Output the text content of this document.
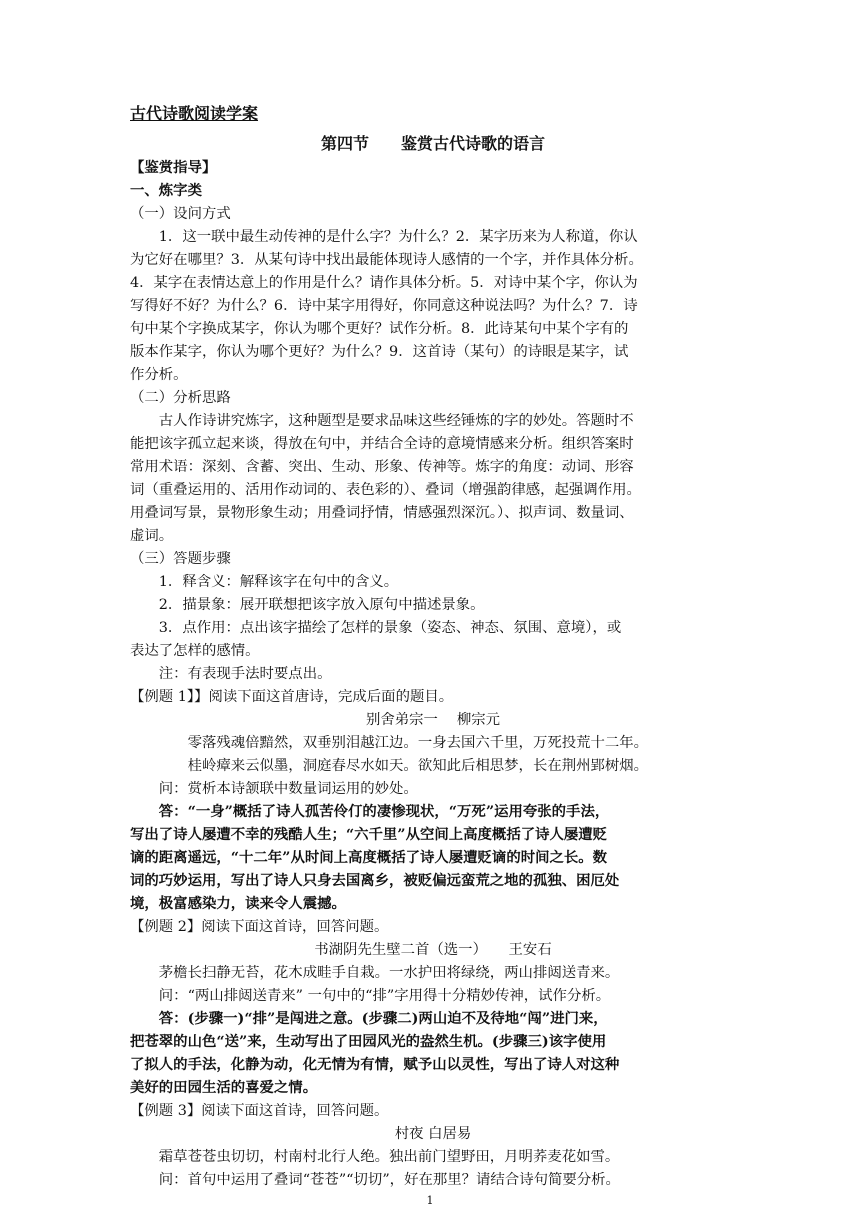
古代诗歌阅读学案
第四节　　鉴赏古代诗歌的语言
【鉴赏指导】
一、炼字类
（一）设问方式
　　1．这一联中最生动传神的是什么字？为什么？2．某字历来为人称道，你认
为它好在哪里？3．从某句诗中找出最能体现诗人感情的一个字，并作具体分析。
4．某字在表情达意上的作用是什么？请作具体分析。5．对诗中某个字，你认为
写得好不好？为什么？6．诗中某字用得好，你同意这种说法吗？为什么？7．诗
句中某个字换成某字，你认为哪个更好？试作分析。8．此诗某句中某个字有的
版本作某字，你认为哪个更好？为什么？9．这首诗（某句）的诗眼是某字，试
作分析。
（二）分析思路
　　古人作诗讲究炼字，这种题型是要求品味这些经锤炼的字的妙处。答题时不
能把该字孤立起来谈，得放在句中，并结合全诗的意境情感来分析。组织答案时
常用术语：深刻、含蓄、突出、生动、形象、传神等。炼字的角度：动词、形容
词（重叠运用的、活用作动词的、表色彩的）、叠词（增强韵律感，起强调作用。
用叠词写景，景物形象生动；用叠词抒情，情感强烈深沉。）、拟声词、数量词、
虚词。
（三）答题步骤
　　1．释含义：解释该字在句中的含义。
　　2．描景象：展开联想把该字放入原句中描述景象。
　　3．点作用：点出该字描绘了怎样的景象（姿态、神态、氛围、意境），或
表达了怎样的感情。
　　注：有表现手法时要点出。
【例题 1】】阅读下面这首唐诗，完成后面的题目。
别舍弟宗一　 柳宗元
　　　　零落残魂倍黯然，双垂别泪越江边。一身去国六千里，万死投荒十二年。
　　　　桂岭瘴来云似墨，洞庭春尽水如天。欲知此后相思梦，长在荆州郢树烟。
　　问：赏析本诗颔联中数量词运用的妙处。
　　答：“一身”概括了诗人孤苦伶仃的凄惨现状，“万死”运用夸张的手法，
写出了诗人屡遭不幸的残酷人生；“六千里”从空间上高度概括了诗人屡遭贬
谪的距离遥远，“十二年”从时间上高度概括了诗人屡遭贬谪的时间之长。数
词的巧妙运用，写出了诗人只身去国离乡，被贬偏远蛮荒之地的孤独、困厄处
境，极富感染力，读来令人震撼。
【例题 2】阅读下面这首诗，回答问题。
书湖阴先生壁二首（选一）　　王安石
　　茅檐长扫静无苔，花木成畦手自栽。一水护田将绿绕，两山排闼送青来。
　　问：“两山排闼送青来” 一句中的“排”字用得十分精妙传神，试作分析。
　　答：(步骤一)“排”是闯进之意。(步骤二)两山迫不及待地“闯”进门来，
把苍翠的山色“送”来，生动写出了田园风光的盎然生机。(步骤三)该字使用
了拟人的手法，化静为动，化无情为有情，赋予山以灵性，写出了诗人对这种
美好的田园生活的喜爱之情。
【例题 3】阅读下面这首诗，回答问题。
村夜 白居易
　　霜草苍苍虫切切，村南村北行人绝。独出前门望野田，月明荞麦花如雪。
　　问：首句中运用了叠词“苍苍”“切切”，好在那里？请结合诗句简要分析。
1
